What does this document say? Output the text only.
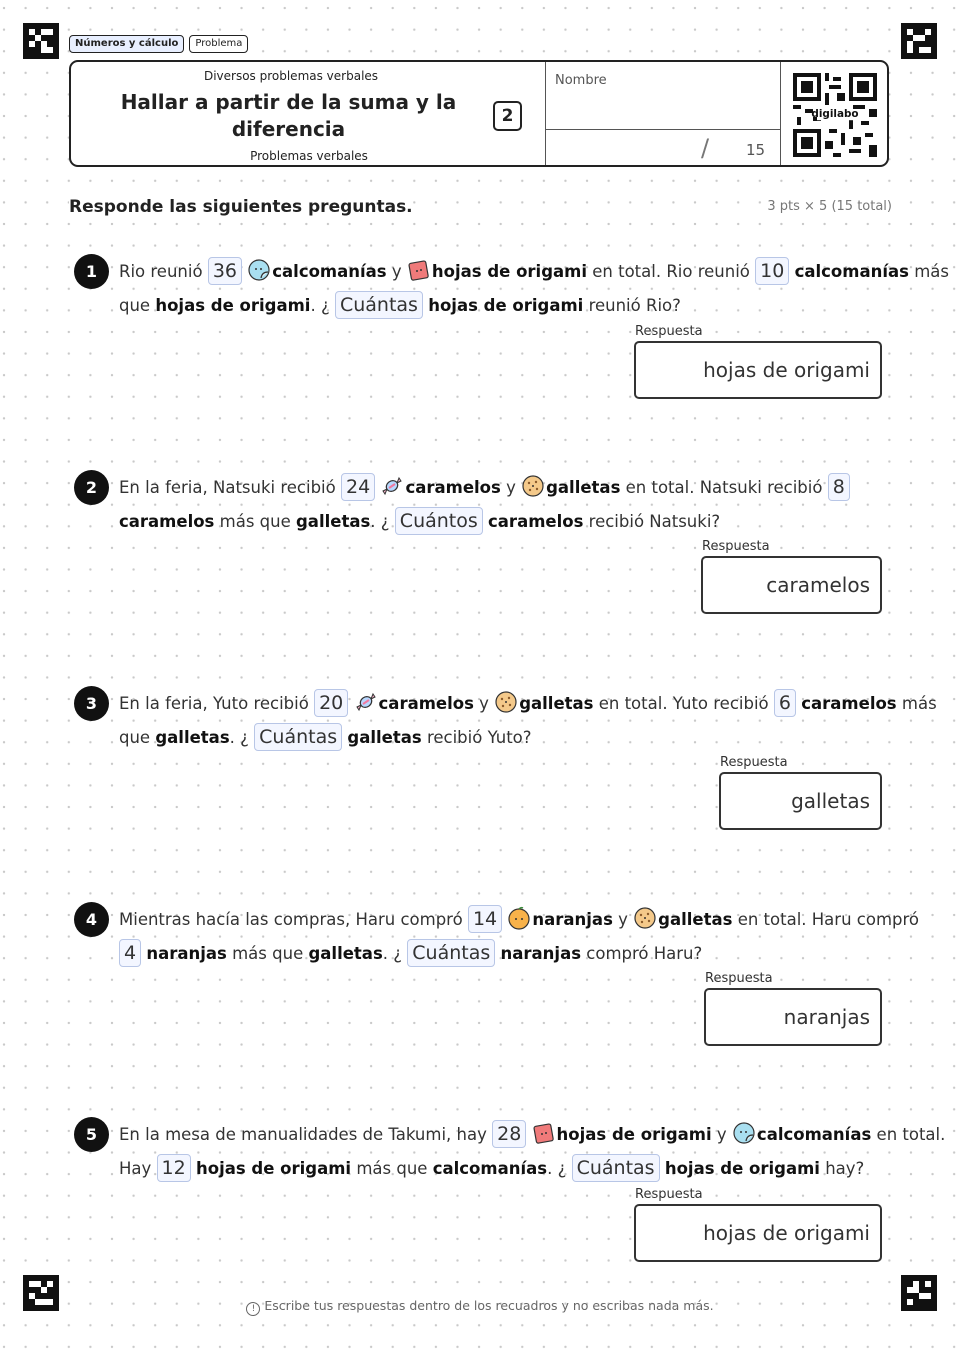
Números y cálculo	Problema
Diversos problemas verbales
Hallar a partir de la suma y la
diferencia
Problemas verbales
2
Nombre
/ 15
digilabo
Responde las siguientes preguntas.	3 pts × 5 (15 total)
1	Rio reunió 36 calcomanías y hojas de origami en total. Rio reunió 10 calcomanías más
que hojas de origami. ¿ Cuántas hojas de origami reunió Rio?
Respuesta
hojas de origami
2	En la feria, Natsuki recibió 24 caramelos y galletas en total. Natsuki recibió 8
caramelos más que galletas. ¿ Cuántos caramelos recibió Natsuki?
Respuesta
caramelos
3	En la feria, Yuto recibió 20 caramelos y galletas en total. Yuto recibió 6 caramelos más
que galletas. ¿ Cuántas galletas recibió Yuto?
Respuesta
galletas
4	Mientras hacía las compras, Haru compró 14 naranjas y galletas en total. Haru compró
4 naranjas más que galletas. ¿ Cuántas naranjas compró Haru?
Respuesta
naranjas
5	En la mesa de manualidades de Takumi, hay 28 hojas de origami y calcomanías en total.
Hay 12 hojas de origami más que calcomanías. ¿ Cuántas hojas de origami hay?
Respuesta
hojas de origami
! Escribe tus respuestas dentro de los recuadros y no escribas nada más.
